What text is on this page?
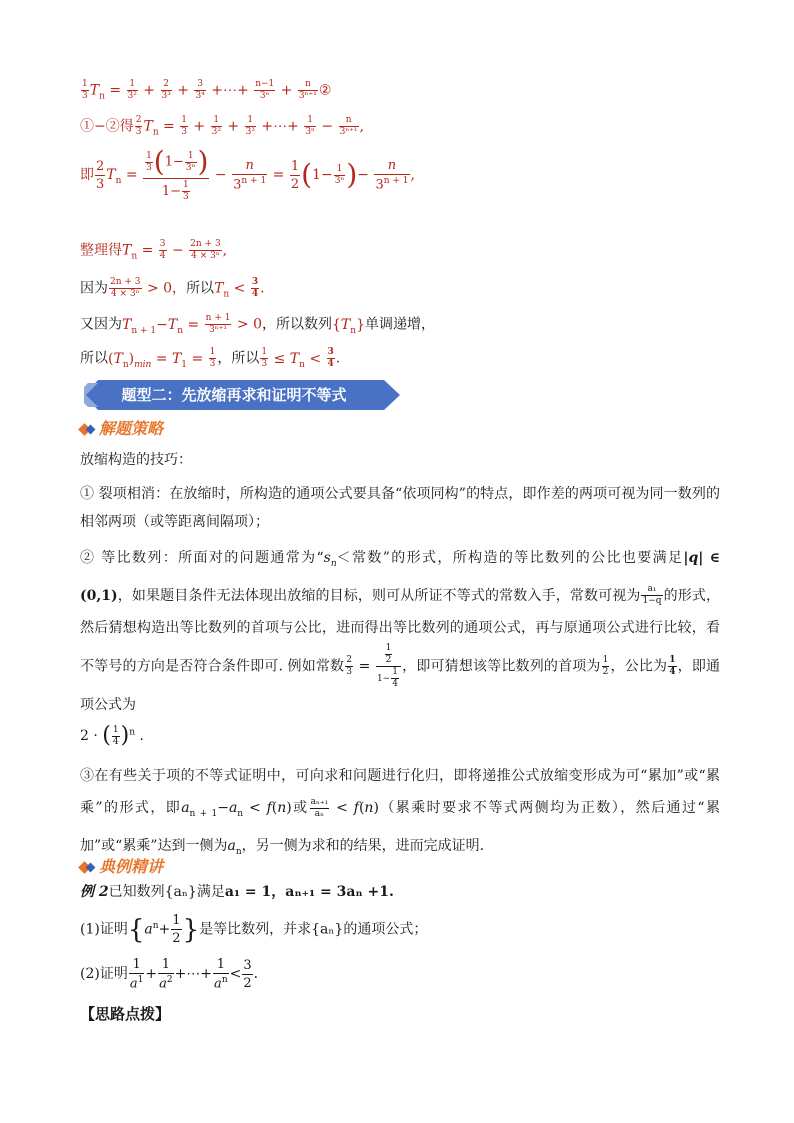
$\frac{1}{3} T_n = \frac{1}{\text{3²}} + \frac{2}{\text{3³}} + \frac{3}{\text{3⁴}}$ +⋯+ $\frac{n-1}{\text{3ⁿ}} + \frac{n}{\text{3ⁿ⁺¹}}$ ②
①−②得 $\frac{2}{3} T_n = \frac{1}{3} + \frac{1}{\text{3²}} + \frac{1}{\text{3³}}$ +⋯+ $\frac{1}{\text{3ⁿ}} - \frac{n}{\text{3ⁿ⁺¹}}$ ,
即 $\frac{2}{3} T_n = \frac{\frac{1}{3} (1- \frac{1}{\text{3ⁿ}} )}{1- \frac{1}{3}} - \frac{n}{3^{n + 1}} = \frac{1}{2} (1- \frac{1}{\text{3ⁿ}}$ )− $\frac{n}{3^{n + 1}}$ ,
整理得$T_n = \frac{3}{4} - \frac{2n + 3}{\text{4 × 3ⁿ}}$ ,
因为 $\frac{2n + 3}{\text{4 × 3ⁿ}} > 0$，所以$T_n < \frac{3}{4}$ .
又因为$T_{n + 1}-T_n = \frac{n + 1}{\text{3ⁿ⁺¹}} > 0$，所以数列$\{T_n\}$单调递增，
所以$(T_n)_{min} = T_1 = \frac{1}{3}$ ，所以 $\frac{1}{3} \le T_n < \frac{3}{4}$ .
题型二：先放缩再求和证明不等式
解题策略
放缩构造的技巧：
① 裂项相消：在放缩时，所构造的通项公式要具备“依项同构”的特点，即作差的两项可视为同一数列的相邻两项（或等距离间隔项）；
② 等比数列：所面对的问题通常为“$s_n<$常数”的形式，所构造的等比数列的公比也要满足|q| ∈ (0,1)，如果题目条件无法体现出放缩的目标，则可从所证不等式的常数入手，常数可视为 $\frac{\text{a₁}}{1-q}$ 的形式，然后猜想构造出等比数列的首项与公比，进而得出等比数列的通项公式，再与原通项公式进行比较，看不等号的方向是否符合条件即可. 例如常数 $\frac{2}{3} = \frac{\frac{1}{2}}{1- \frac{1}{4}}$ ，即可猜想该等比数列的首项为 $\frac{1}{2}$ ，公比为 $\frac{1}{4}$ ，即通项公式为
2 · ( $\frac{1}{4} )^n$ .
③在有些关于项的不等式证明中，可向求和问题进行化归，即将递推公式放缩变形成为可“累加”或“累乘”的形式，即$a_{n + 1}-a_n < f(n)$或 $\frac{\text{aₙ₊₁}}{\text{aₙ}} < f(n)$（累乘时要求不等式两侧均为正数），然后通过“累加”或“累乘”达到一侧为$a_n$，另一侧为求和的结果，进而完成证明.
典例精讲
例 2已知数列{aₙ}满足a₁ = 1，aₙ₊₁ = 3aₙ +1.
(1)证明{$a^n+ \frac{1}{2}$ }是等比数列，并求{aₙ}的通项公式；
(2)证明 $\frac{1}{a^1} + \frac{1}{a^2}$ +⋯+ $\frac{1}{a^n} < \frac{3}{2}$ .
【思路点拨】
